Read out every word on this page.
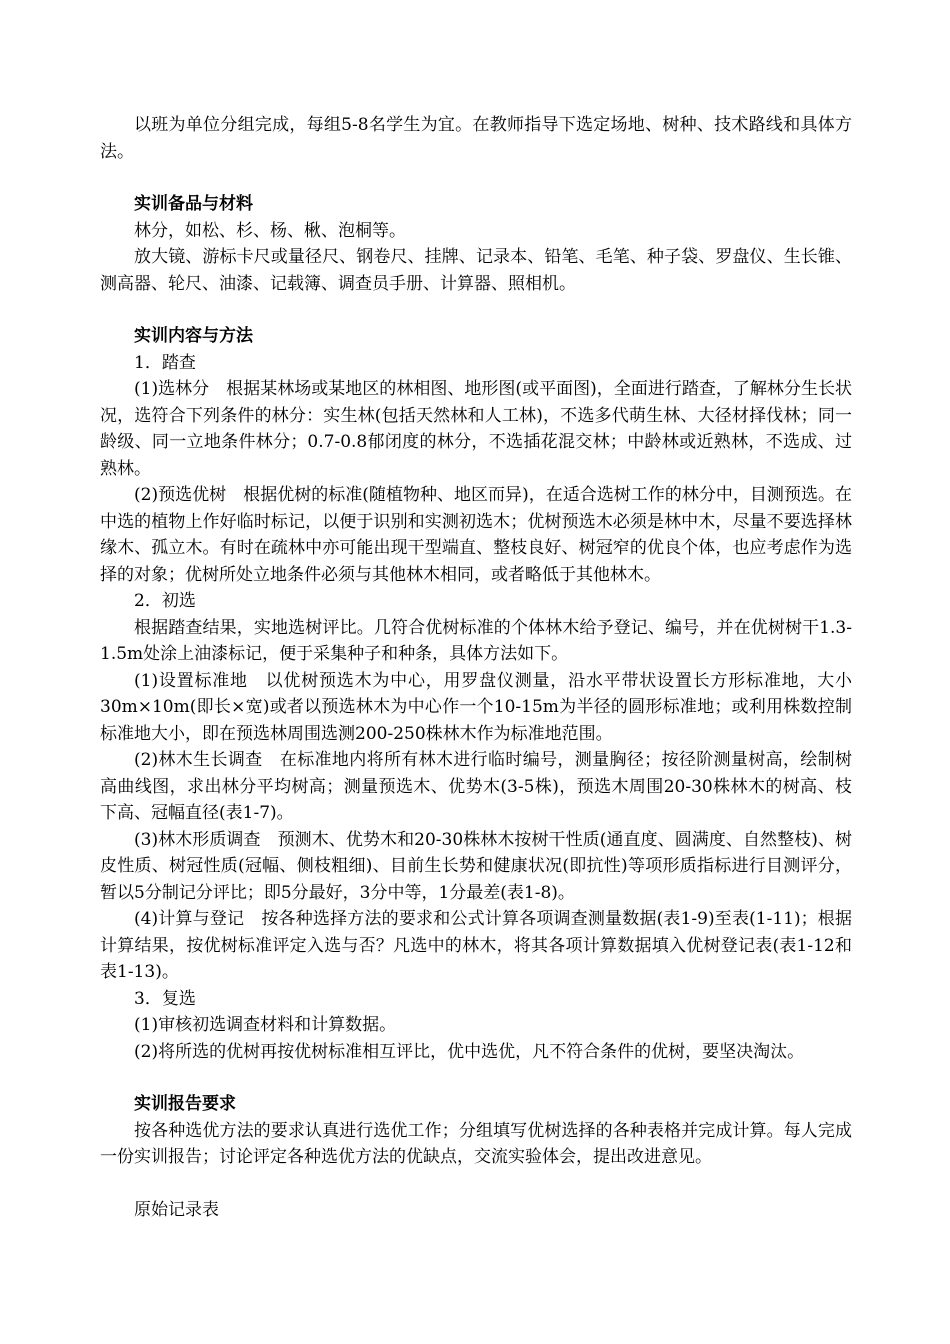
以班为单位分组完成，每组5-8名学生为宜。在教师指导下选定场地、树种、技术路线和具体方法。

实训备品与材料

林分，如松、杉、杨、楸、泡桐等。

放大镜、游标卡尺或量径尺、钢卷尺、挂牌、记录本、铅笔、毛笔、种子袋、罗盘仪、生长锥、测高器、轮尺、油漆、记载簿、调查员手册、计算器、照相机。

实训内容与方法

1．踏查

(1)选林分　根据某林场或某地区的林相图、地形图(或平面图)，全面进行踏查，了解林分生长状况，选符合下列条件的林分：实生林(包括天然林和人工林)，不选多代萌生林、大径材择伐林；同一龄级、同一立地条件林分；0.7-0.8郁闭度的林分，不选插花混交林；中龄林或近熟林，不选成、过熟林。

(2)预选优树　根据优树的标准(随植物种、地区而异)，在适合选树工作的林分中，目测预选。在中选的植物上作好临时标记，以便于识别和实测初选木；优树预选木必须是林中木，尽量不要选择林缘木、孤立木。有时在疏林中亦可能出现干型端直、整枝良好、树冠窄的优良个体，也应考虑作为选择的对象；优树所处立地条件必须与其他林木相同，或者略低于其他林木。

2．初选

根据踏查结果，实地选树评比。几符合优树标准的个体林木给予登记、编号，并在优树树干1.3-1.5m处涂上油漆标记，便于采集种子和种条，具体方法如下。

(1)设置标准地　以优树预选木为中心，用罗盘仪测量，沿水平带状设置长方形标准地，大小30m×10m(即长×宽)或者以预选林木为中心作一个10-15m为半径的圆形标准地；或利用株数控制标准地大小，即在预选林周围选测200-250株林木作为标准地范围。

(2)林木生长调查　在标准地内将所有林木进行临时编号，测量胸径；按径阶测量树高，绘制树高曲线图，求出林分平均树高；测量预选木、优势木(3-5株)，预选木周围20-30株林木的树高、枝下高、冠幅直径(表1-7)。

(3)林木形质调查　预测木、优势木和20-30株林木按树干性质(通直度、圆满度、自然整枝)、树皮性质、树冠性质(冠幅、侧枝粗细)、目前生长势和健康状况(即抗性)等项形质指标进行目测评分，暂以5分制记分评比；即5分最好，3分中等，1分最差(表1-8)。

(4)计算与登记　按各种选择方法的要求和公式计算各项调查测量数据(表1-9)至表(1-11)；根据计算结果，按优树标准评定入选与否？凡选中的林木，将其各项计算数据填入优树登记表(表1-12和表1-13)。

3．复选

(1)审核初选调查材料和计算数据。

(2)将所选的优树再按优树标准相互评比，优中选优，凡不符合条件的优树，要坚决淘汰。

实训报告要求

按各种选优方法的要求认真进行选优工作；分组填写优树选择的各种表格并完成计算。每人完成一份实训报告；讨论评定各种选优方法的优缺点，交流实验体会，提出改进意见。

原始记录表
